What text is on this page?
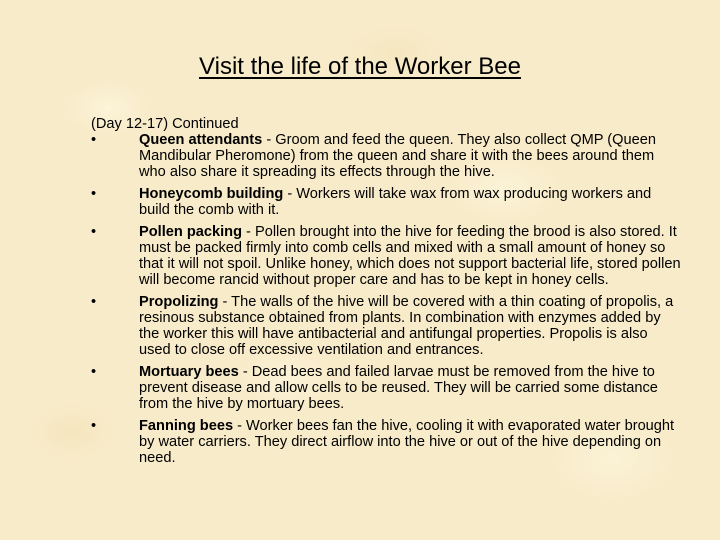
Visit the life of the Worker Bee
(Day 12-17) Continued
•	Queen attendants - Groom and feed the queen. They also collect QMP (Queen Mandibular Pheromone) from the queen and share it with the bees around them who also share it spreading its effects through the hive.
•	Honeycomb building - Workers will take wax from wax producing workers and build the comb with it.
•	Pollen packing - Pollen brought into the hive for feeding the brood is also stored. It must be packed firmly into comb cells and mixed with a small amount of honey so that it will not spoil. Unlike honey, which does not support bacterial life, stored pollen will become rancid without proper care and has to be kept in honey cells.
•	Propolizing - The walls of the hive will be covered with a thin coating of propolis, a resinous substance obtained from plants. In combination with enzymes added by the worker this will have antibacterial and antifungal properties. Propolis is also used to close off excessive ventilation and entrances.
•	Mortuary bees - Dead bees and failed larvae must be removed from the hive to prevent disease and allow cells to be reused. They will be carried some distance from the hive by mortuary bees.
•	Fanning bees - Worker bees fan the hive, cooling it with evaporated water brought by water carriers. They direct airflow into the hive or out of the hive depending on need.
